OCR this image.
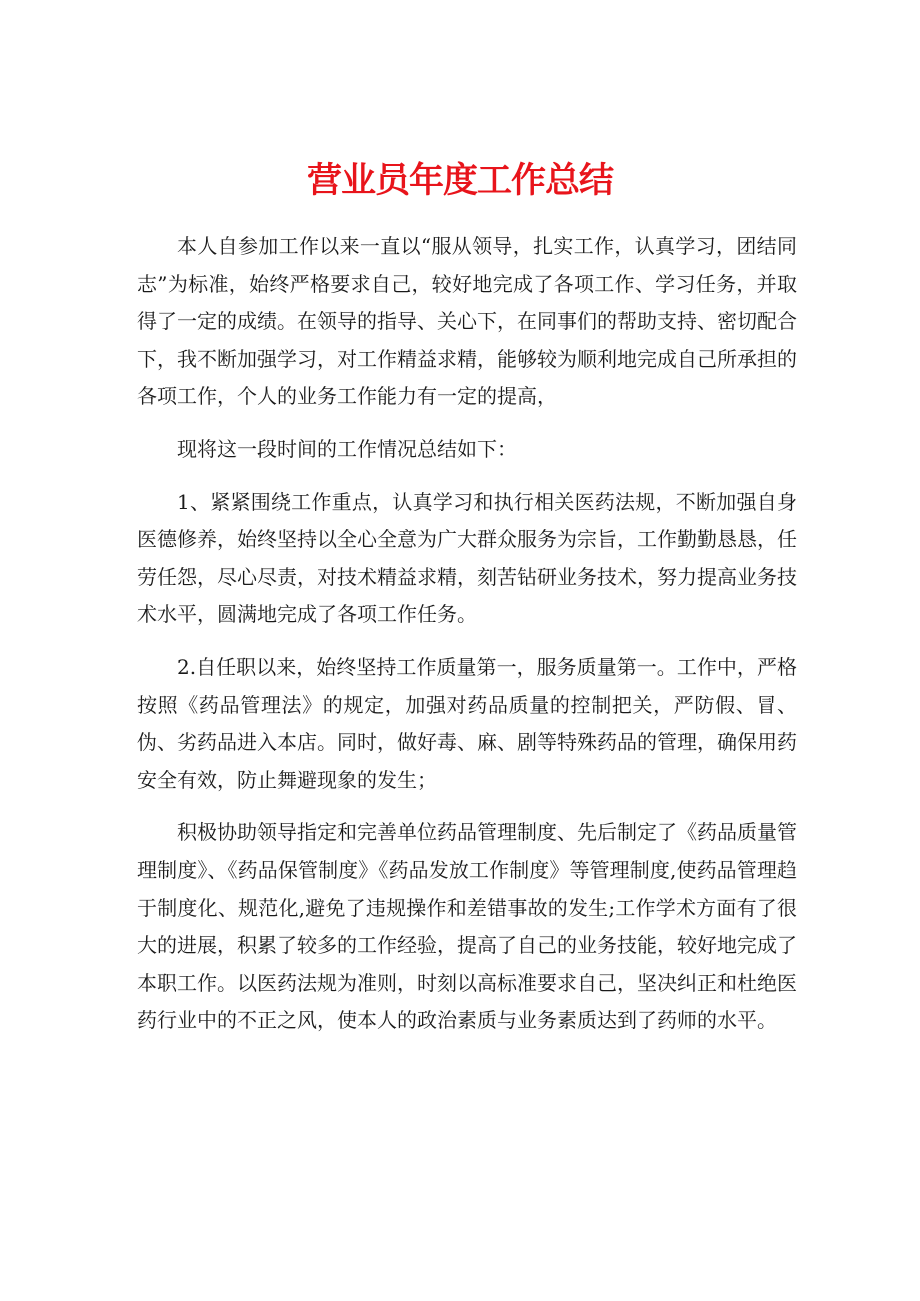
营业员年度工作总结

本人自参加工作以来一直以“服从领导，扎实工作，认真学习，团结同志”为标准，始终严格要求自己，较好地完成了各项工作、学习任务，并取得了一定的成绩。在领导的指导、关心下，在同事们的帮助支持、密切配合下，我不断加强学习，对工作精益求精，能够较为顺利地完成自己所承担的各项工作，个人的业务工作能力有一定的提高，

现将这一段时间的工作情况总结如下：

1、紧紧围绕工作重点，认真学习和执行相关医药法规，不断加强自身医德修养，始终坚持以全心全意为广大群众服务为宗旨，工作勤勤恳恳，任劳任怨，尽心尽责，对技术精益求精，刻苦钻研业务技术，努力提高业务技术水平，圆满地完成了各项工作任务。

2.自任职以来，始终坚持工作质量第一，服务质量第一。工作中，严格按照《药品管理法》的规定，加强对药品质量的控制把关，严防假、冒、伪、劣药品进入本店。同时，做好毒、麻、剧等特殊药品的管理，确保用药安全有效，防止舞避现象的发生；

积极协助领导指定和完善单位药品管理制度、先后制定了《药品质量管理制度》、《药品保管制度》《药品发放工作制度》等管理制度,使药品管理趋于制度化、规范化,避免了违规操作和差错事故的发生;工作学术方面有了很大的进展，积累了较多的工作经验，提高了自己的业务技能，较好地完成了本职工作。以医药法规为准则，时刻以高标准要求自己，坚决纠正和杜绝医药行业中的不正之风，使本人的政治素质与业务素质达到了药师的水平。
